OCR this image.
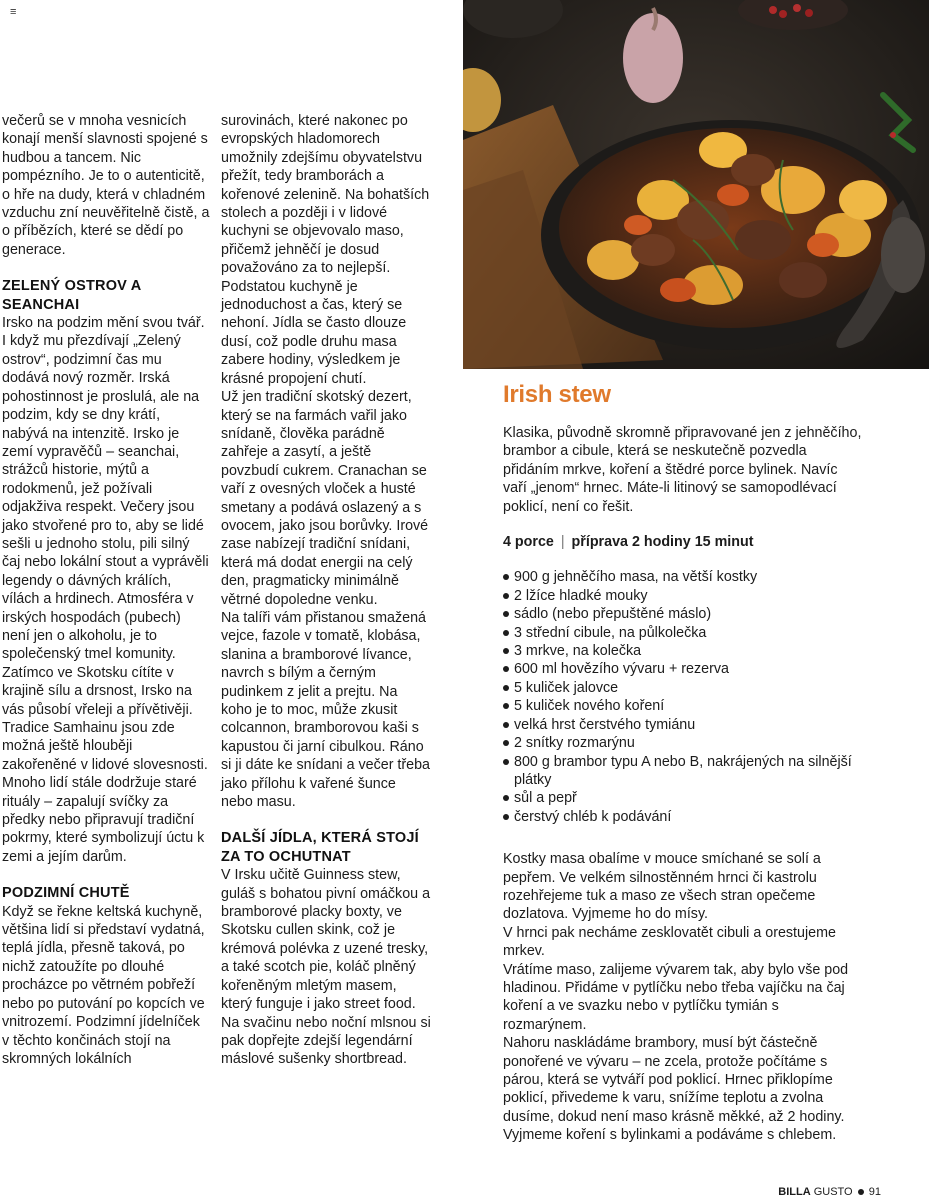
≡

večerů se v mnoha vesnicích konají menší slavnosti spojené s hudbou a tancem. Nic pompézního. Je to o autenticitě, o hře na dudy, která v chladném vzduchu zní neuvěřitelně čistě, a o příbězích, které se dědí po generace.

ZELENÝ OSTROV A SEANCHAI

Irsko na podzim mění svou tvář. I když mu přezdívají „Zelený ostrov“, podzimní čas mu dodává nový rozměr. Irská pohostinnost je proslulá, ale na podzim, kdy se dny krátí, nabývá na intenzitě. Irsko je zemí vypravěčů – seanchai, strážců historie, mýtů a rodokmenů, jež požívali odjakživa respekt. Večery jsou jako stvořené pro to, aby se lidé sešli u jednoho stolu, pili silný čaj nebo lokální stout a vyprávěli legendy o dávných králích, vílách a hrdinech. Atmosféra v irských hospodách (pubech) není jen o alkoholu, je to společenský tmel komunity. Zatímco ve Skotsku cítíte v krajině sílu a drsnost, Irsko na vás působí vřeleji a přívětivěji. Tradice Samhainu jsou zde možná ještě hlouběji zakořeněné v lidové slovesnosti. Mnoho lidí stále dodržuje staré rituály – zapalují svíčky za předky nebo připravují tradiční pokrmy, které symbolizují úctu k zemi a jejím darům.

PODZIMNÍ CHUTĚ

Když se řekne keltská kuchyně, většina lidí si představí vydatná, teplá jídla, přesně taková, po nichž zatoužíte po dlouhé procházce po větrném pobřeží nebo po putování po kopcích ve vnitrozemí. Podzimní jídelníček v těchto končinách stojí na skromných lokálních

surovinách, které nakonec po evropských hladomorech umožnily zdejšímu obyvatelstvu přežít, tedy bramborách a kořenové zelenině. Na bohatších stolech a později i v lidové kuchyni se objevovalo maso, přičemž jehněčí je dosud považováno za to nejlepší. Podstatou kuchyně je jednoduchost a čas, který se nehoní. Jídla se často dlouze dusí, což podle druhu masa zabere hodiny, výsledkem je krásné propojení chutí.

Už jen tradiční skotský dezert, který se na farmách vařil jako snídaně, člověka parádně zahřeje a zasytí, a ještě povzbudí cukrem. Cranachan se vaří z ovesných vloček a husté smetany a podává oslazený a s ovocem, jako jsou borůvky. Irové zase nabízejí tradiční snídani, která má dodat energii na celý den, pragmaticky minimálně větrné dopoledne venku.

Na talíři vám přistanou smažená vejce, fazole v tomatě, klobása, slanina a bramborové lívance, navrch s bílým a černým pudinkem z jelit a prejtu. Na koho je to moc, může zkusit colcannon, bramborovou kaši s kapustou či jarní cibulkou. Ráno si ji dáte ke snídani a večer třeba jako přílohu k vařené šunce nebo masu.

DALŠÍ JÍDLA, KTERÁ STOJÍ ZA TO OCHUTNAT

V Irsku učitě Guinness stew, guláš s bohatou pivní omáčkou a bramborové placky boxty, ve Skotsku cullen skink, což je krémová polévka z uzené tresky, a také scotch pie, koláč plněný kořeněným mletým masem, který funguje i jako street food. Na svačinu nebo noční mlsnou si pak dopřejte zdejší legendární máslové sušenky shortbread.

Irish stew

Klasika, původně skromně připravované jen z jehněčího, brambor a cibule, která se neskutečně pozvedla přidáním mrkve, koření a štědré porce bylinek. Navíc vaří „jenom“ hrnec. Máte-li litinový se samopodlévací poklicí, není co řešit.

4 porce | příprava 2 hodiny 15 minut

900 g jehněčího masa, na větší kostky
2 lžíce hladké mouky
sádlo (nebo přepuštěné máslo)
3 střední cibule, na půlkolečka
3 mrkve, na kolečka
600 ml hovězího vývaru + rezerva
5 kuliček jalovce
5 kuliček nového koření
velká hrst čerstvého tymiánu
2 snítky rozmarýnu
800 g brambor typu A nebo B, nakrájených na silnější plátky
sůl a pepř
čerstvý chléb k podávání

Kostky masa obalíme v mouce smíchané se solí a pepřem. Ve velkém silnostěnném hrnci či kastrolu rozehřejeme tuk a maso ze všech stran opečeme dozlatova. Vyjmeme ho do mísy.

V hrnci pak necháme zesklovatět cibuli a orestujeme mrkev.

Vrátíme maso, zalijeme vývarem tak, aby bylo vše pod hladinou. Přidáme v pytlíčku nebo třeba vajíčku na čaj koření a ve svazku nebo v pytlíčku tymián s rozmarýnem.

Nahoru naskládáme brambory, musí být částečně ponořené ve vývaru – ne zcela, protože počítáme s párou, která se vytváří pod poklicí. Hrnec přiklopíme poklicí, přivedeme k varu, snížíme teplotu a zvolna dusíme, dokud není maso krásně měkké, až 2 hodiny. Vyjmeme koření s bylinkami a podáváme s chlebem.

BILLA GUSTO 91
